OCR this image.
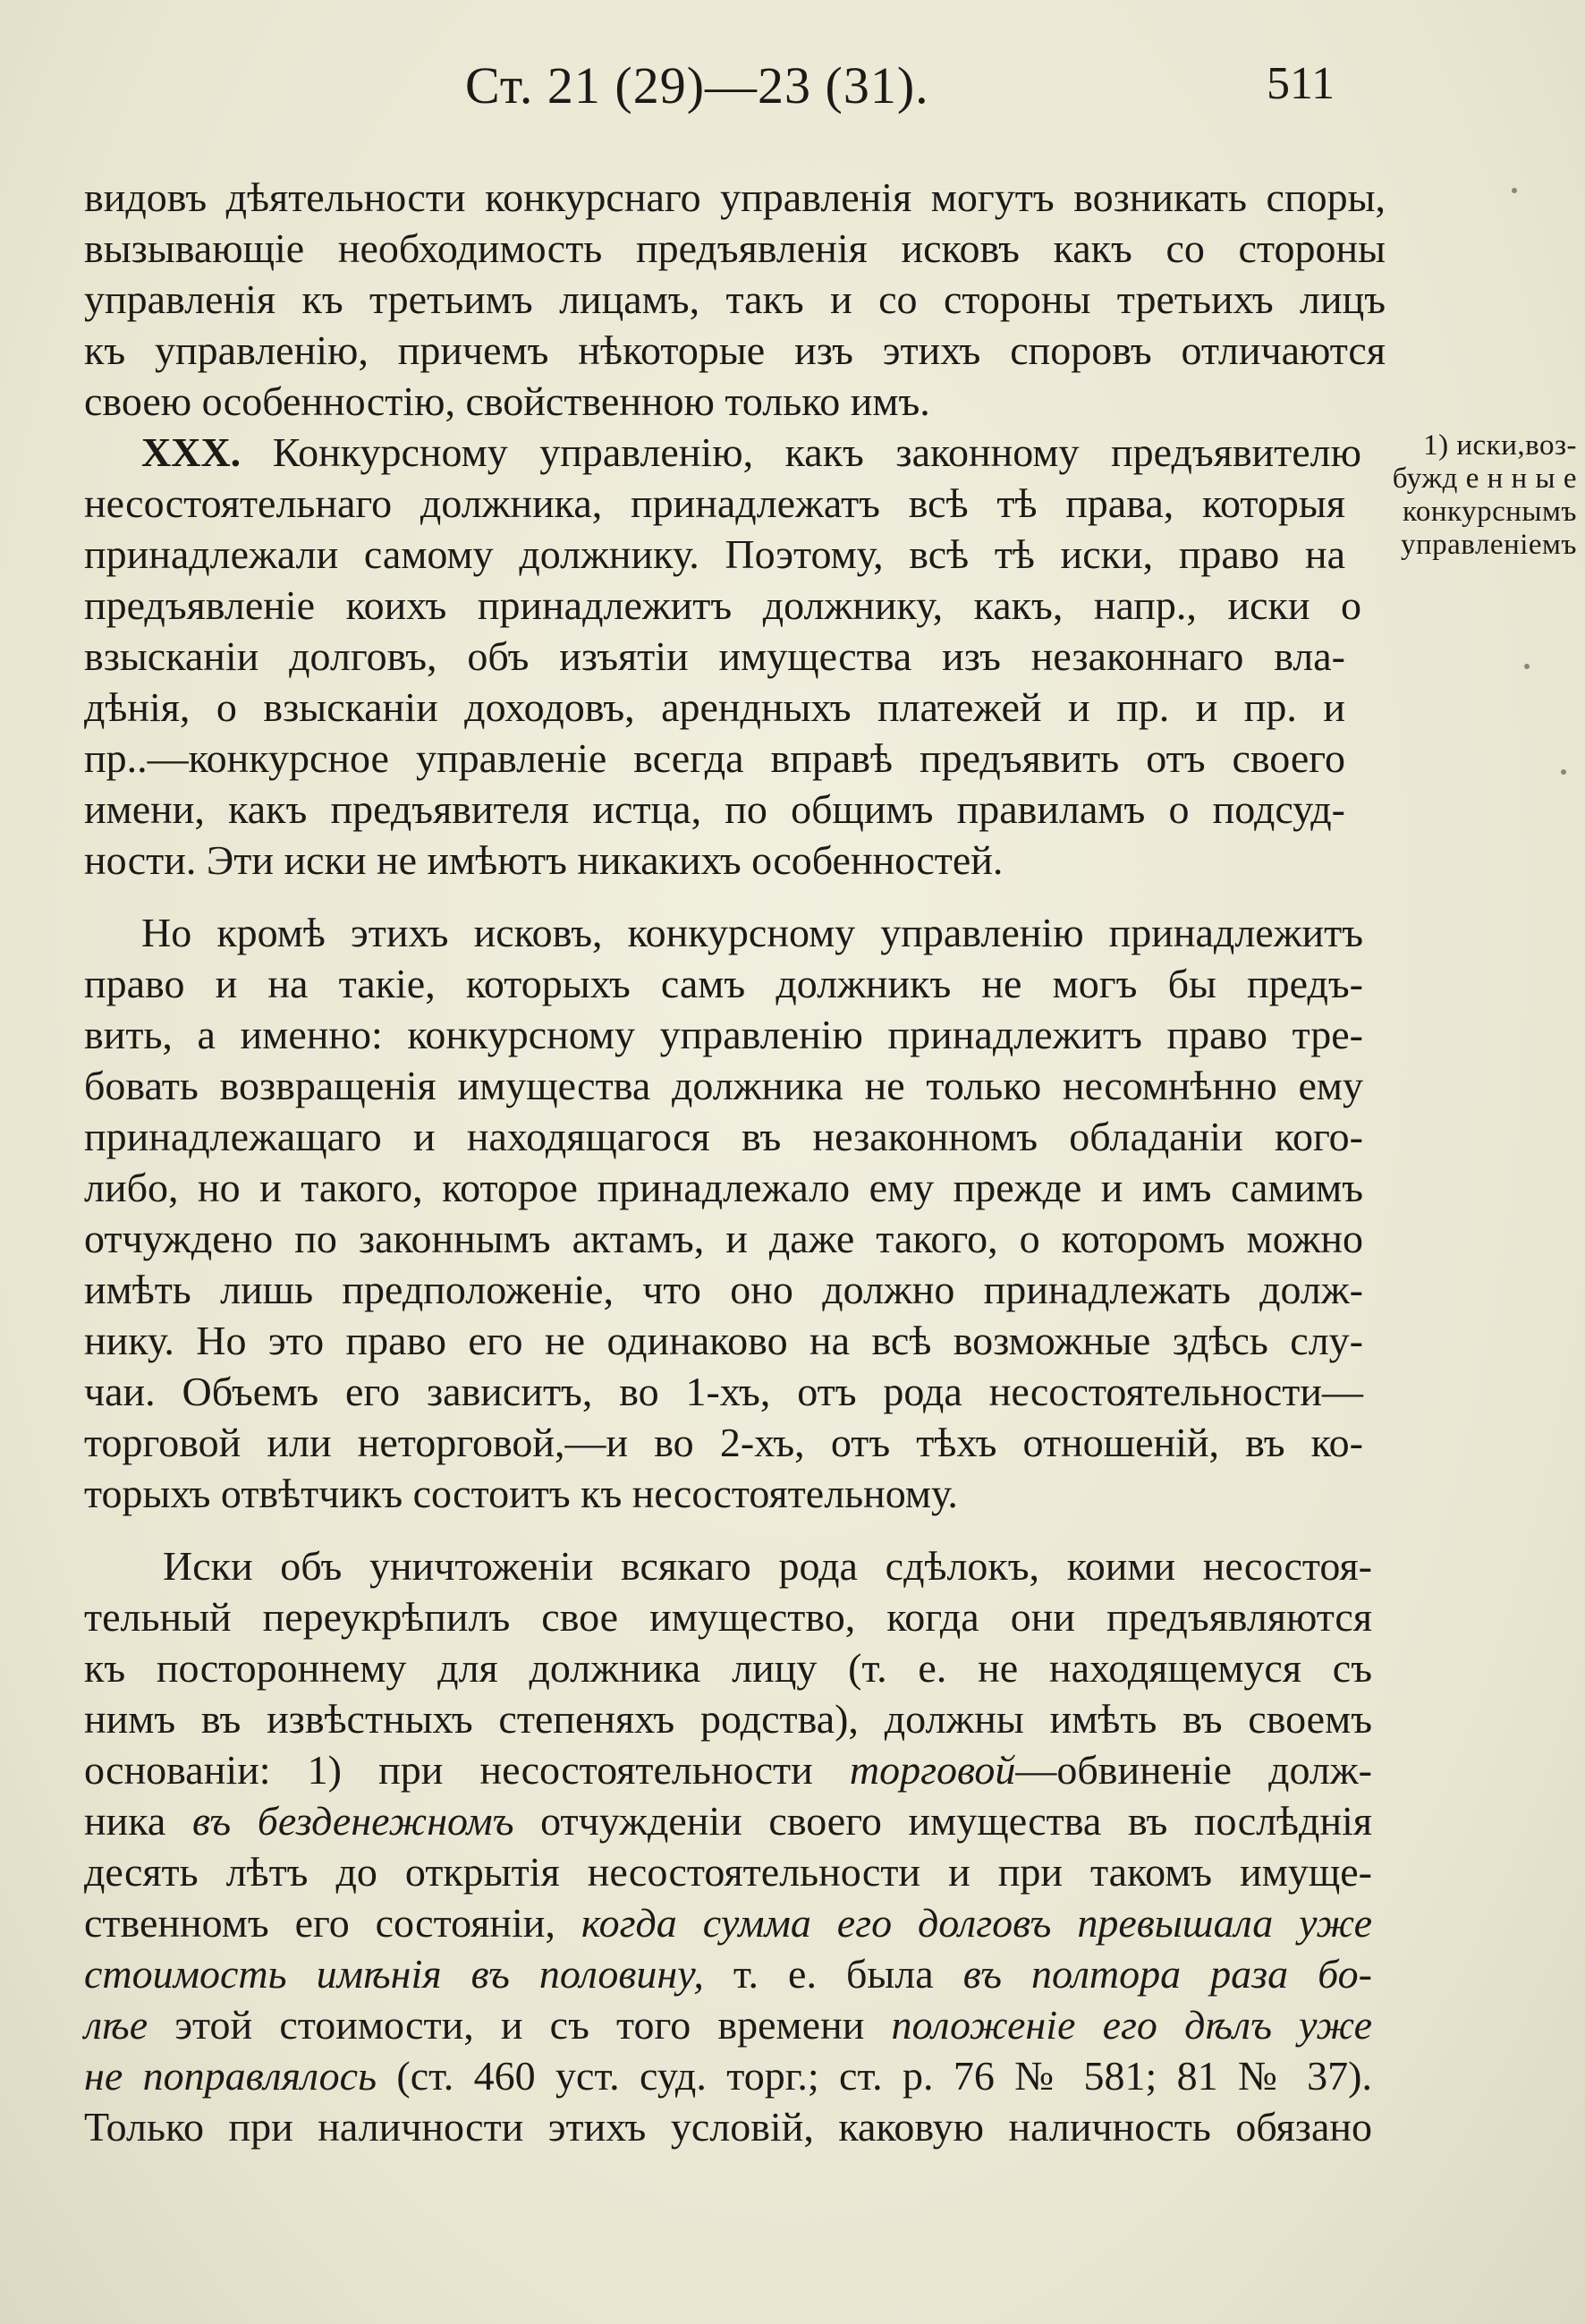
Ст. 21 (29)—23 (31).	511
1) иски,воз-
бужд е н н ы е
конкурснымъ
управленіемъ
видовъ дѣятельности конкурснаго управленія могутъ возникать споры,
вызывающіе необходимость предъявленія исковъ какъ со стороны
управленія къ третьимъ лицамъ, такъ и со стороны третьихъ лицъ
къ управленію, причемъ нѣкоторые изъ этихъ споровъ отличаются
своею особенностію, свойственною только имъ.
XXX. Конкурсному управленію, какъ законному предъявителю
несостоятельнаго должника, принадлежатъ всѣ тѣ права, которыя
принадлежали самому должнику. Поэтому, всѣ тѣ иски, право на
предъявленіе коихъ принадлежитъ должнику, какъ, напр., иски о
взысканіи долговъ, объ изъятіи имущества изъ незаконнаго вла-
дѣнія, о взысканіи доходовъ, арендныхъ платежей и пр. и пр. и
пр..—конкурсное управленіе всегда вправѣ предъявить отъ своего
имени, какъ предъявителя истца, по общимъ правиламъ о подсуд-
ности. Эти иски не имѣютъ никакихъ особенностей.
Но кромѣ этихъ исковъ, конкурсному управленію принадлежитъ
право и на такіе, которыхъ самъ должникъ не могъ бы предъ-
вить, а именно: конкурсному управленію принадлежитъ право тре-
бовать возвращенія имущества должника не только несомнѣнно ему
принадлежащаго и находящагося въ незаконномъ обладаніи кого-
либо, но и такого, которое принадлежало ему прежде и имъ самимъ
отчуждено по законнымъ актамъ, и даже такого, о которомъ можно
имѣть лишь предположеніе, что оно должно принадлежать долж-
нику. Но это право его не одинаково на всѣ возможные здѣсь слу-
чаи. Объемъ его зависитъ, во 1-хъ, отъ рода несостоятельности—
торговой или неторговой,—и во 2-хъ, отъ тѣхъ отношеній, въ ко-
торыхъ отвѣтчикъ состоитъ къ несостоятельному.
Иски объ уничтоженіи всякаго рода сдѣлокъ, коими несостоя-
тельный переукрѣпилъ свое имущество, когда они предъявляются
къ постороннему для должника лицу (т. е. не находящемуся съ
нимъ въ извѣстныхъ степеняхъ родства), должны имѣть въ своемъ
основаніи: 1) при несостоятельности торговой—обвиненіе долж-
ника въ безденежномъ отчужденіи своего имущества въ послѣднія
десять лѣтъ до открытія несостоятельности и при такомъ имуще-
ственномъ его состояніи, когда сумма его долговъ превышала уже
стоимость имѣнія въ половину, т. е. была въ полтора раза бо-
лѣе этой стоимости, и съ того времени положеніе его дѣлъ уже
не поправлялось (ст. 460 уст. суд. торг.; ст. р. 76 № 581; 81 № 37).
Только при наличности этихъ условій, каковую наличность обязано
